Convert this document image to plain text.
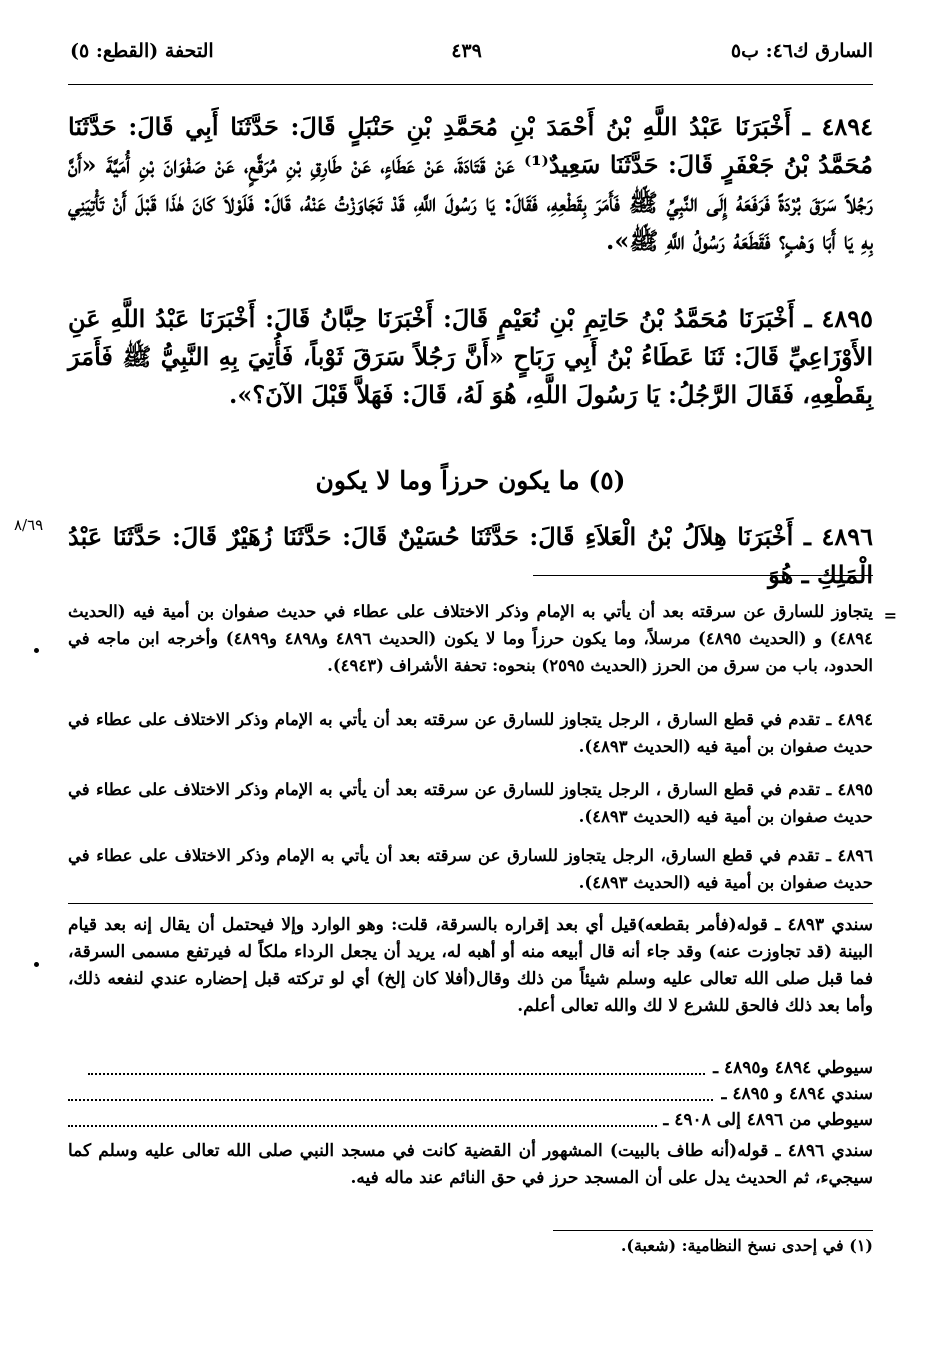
السارق ك٤٦: ب٥
٤٣٩
التحفة (القطع: ٥)
٤٨٩٤ ـ أَخْبَرَنَا عَبْدُ اللَّهِ بْنُ أَحْمَدَ بْنِ مُحَمَّدِ بْنِ حَنْبَلٍ قَالَ: حَدَّثَنَا أَبِي قَالَ: حَدَّثَنَا مُحَمَّدُ بْنُ جَعْفَرٍ قَالَ: حَدَّثَنَا سَعِيدٌ⁽¹⁾ عَنْ قَتَادَةَ، عَنْ عَطَاءٍ، عَنْ طَارِقِ بْنِ مُرَقَّعٍ، عَنْ صَفْوَانَ بْنِ أُمَيَّةَ «أَنَّ رَجُلاً سَرَقَ بُرْدَةً فَرَفَعَهُ إِلَى النَّبِيِّ ﷺ فَأَمَرَ بِقَطْعِهِ، فَقَالَ: يَا رَسُولَ اللَّهِ، قَدْ تَجَاوَزْتُ عَنْهُ، قَالَ: فَلَوْلاَ كَانَ هٰذَا قَبْلَ أَنْ تَأْتِيَنِي بِهِ يَا أَبَا وَهْبٍ؟ فَقَطَعَهُ رَسُولُ اللَّهِ ﷺ».
٤٨٩٥ ـ أَخْبَرَنَا مُحَمَّدُ بْنُ حَاتِمِ بْنِ نُعَيْمٍ قَالَ: أَخْبَرَنَا حِبَّانُ قَالَ: أَخْبَرَنَا عَبْدُ اللَّهِ عَنِ الأَوْزَاعِيِّ قَالَ: ثَنَا عَطَاءُ بْنُ أَبِي رَبَاحٍ «أَنَّ رَجُلاً سَرَقَ ثَوْباً، فَأُتِيَ بِهِ النَّبِيُّ ﷺ فَأَمَرَ بِقَطْعِهِ، فَقَالَ الرَّجُلُ: يَا رَسُولَ اللَّهِ، هُوَ لَهُ، قَالَ: فَهَلاَّ قَبْلَ الآنَ؟».
(٥) ما يكون حرزاً وما لا يكون
٤٨٩٦ ـ أَخْبَرَنَا هِلاَلُ بْنُ الْعَلاَءِ قَالَ: حَدَّثَنَا حُسَيْنٌ قَالَ: حَدَّثَنَا زُهَيْرٌ قَالَ: حَدَّثَنَا عَبْدُ الْمَلِكِ ـ هُوَ
٨/٦٩
=
يتجاوز للسارق عن سرقته بعد أن يأتي به الإمام وذكر الاختلاف على عطاء في حديث صفوان بن أمية فيه (الحديث ٤٨٩٤) و (الحديث ٤٨٩٥) مرسلاً، وما يكون حرزاً وما لا يكون (الحديث ٤٨٩٦ و٤٨٩٨ و٤٨٩٩) وأخرجه ابن ماجه في الحدود، باب من سرق من الحرز (الحديث ٢٥٩٥) بنحوه: تحفة الأشراف (٤٩٤٣).
٤٨٩٤ ـ تقدم في قطع السارق ، الرجل يتجاوز للسارق عن سرقته بعد أن يأتي به الإمام وذكر الاختلاف على عطاء في حديث صفوان بن أمية فيه (الحديث ٤٨٩٣).
٤٨٩٥ ـ تقدم في قطع السارق ، الرجل يتجاوز للسارق عن سرقته بعد أن يأتي به الإمام وذكر الاختلاف على عطاء في حديث صفوان بن أمية فيه (الحديث ٤٨٩٣).
٤٨٩٦ ـ تقدم في قطع السارق، الرجل يتجاوز للسارق عن سرقته بعد أن يأتي به الإمام وذكر الاختلاف على عطاء في حديث صفوان بن أمية فيه (الحديث ٤٨٩٣).
سندي ٤٨٩٣ ـ قوله(فأمر بقطعه)قيل أي بعد إقراره بالسرقة، قلت: وهو الوارد وإلا فيحتمل أن يقال إنه بعد قيام البينة (قد تجاوزت عنه) وقد جاء أنه قال أبيعه منه أو أهبه له، يريد أن يجعل الرداء ملكاً له فيرتفع مسمى السرقة، فما قبل صلى الله تعالى عليه وسلم شيئاً من ذلك وقال(أفلا كان إلخ) أي لو تركته قبل إحضاره عندي لنفعه ذلك، وأما بعد ذلك فالحق للشرع لا لك والله تعالى أعلم.
سيوطي ٤٨٩٤ و٤٨٩٥ ـ
سندي ٤٨٩٤ و ٤٨٩٥ ـ
سيوطي من ٤٨٩٦ إلى ٤٩٠٨ ـ
سندي ٤٨٩٦ ـ قوله(أنه طاف بالبيت) المشهور أن القضية كانت في مسجد النبي صلى الله تعالى عليه وسلم كما سيجيء، ثم الحديث يدل على أن المسجد حرز في حق النائم عند ماله فيه.
(١) في إحدى نسخ النظامية: (شعبة).
